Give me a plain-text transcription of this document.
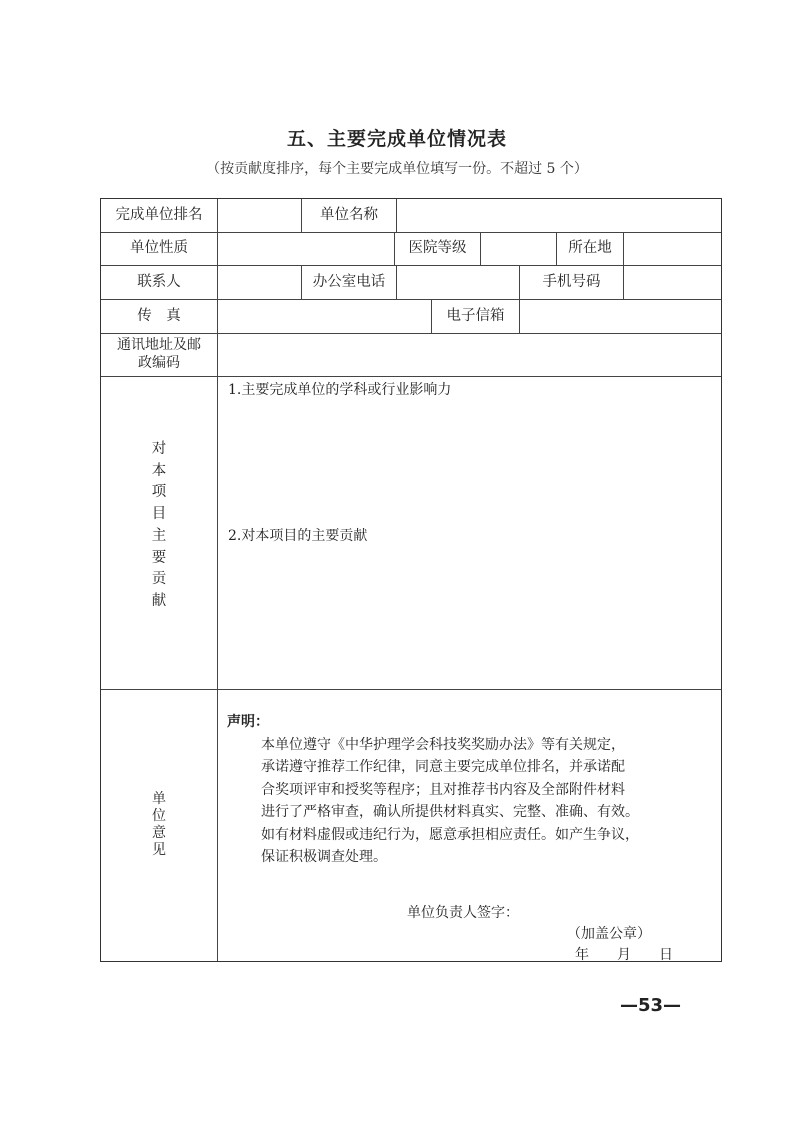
五、主要完成单位情况表
（按贡献度排序，每个主要完成单位填写一份。不超过 5 个）
完成单位排名	单位名称
单位性质	医院等级	所在地
联系人	办公室电话	手机号码
传　真	电子信箱
通讯地址及邮政编码
对本项目主要贡献
1.主要完成单位的学科或行业影响力
2.对本项目的主要贡献
单位意见
声明：
本单位遵守《中华护理学会科技奖奖励办法》等有关规定，
承诺遵守推荐工作纪律，同意主要完成单位排名，并承诺配
合奖项评审和授奖等程序；且对推荐书内容及全部附件材料
进行了严格审查，确认所提供材料真实、完整、准确、有效。
如有材料虚假或违纪行为，愿意承担相应责任。如产生争议，
保证积极调查处理。
单位负责人签字：
（加盖公章）
年　　月　　日
—53—
